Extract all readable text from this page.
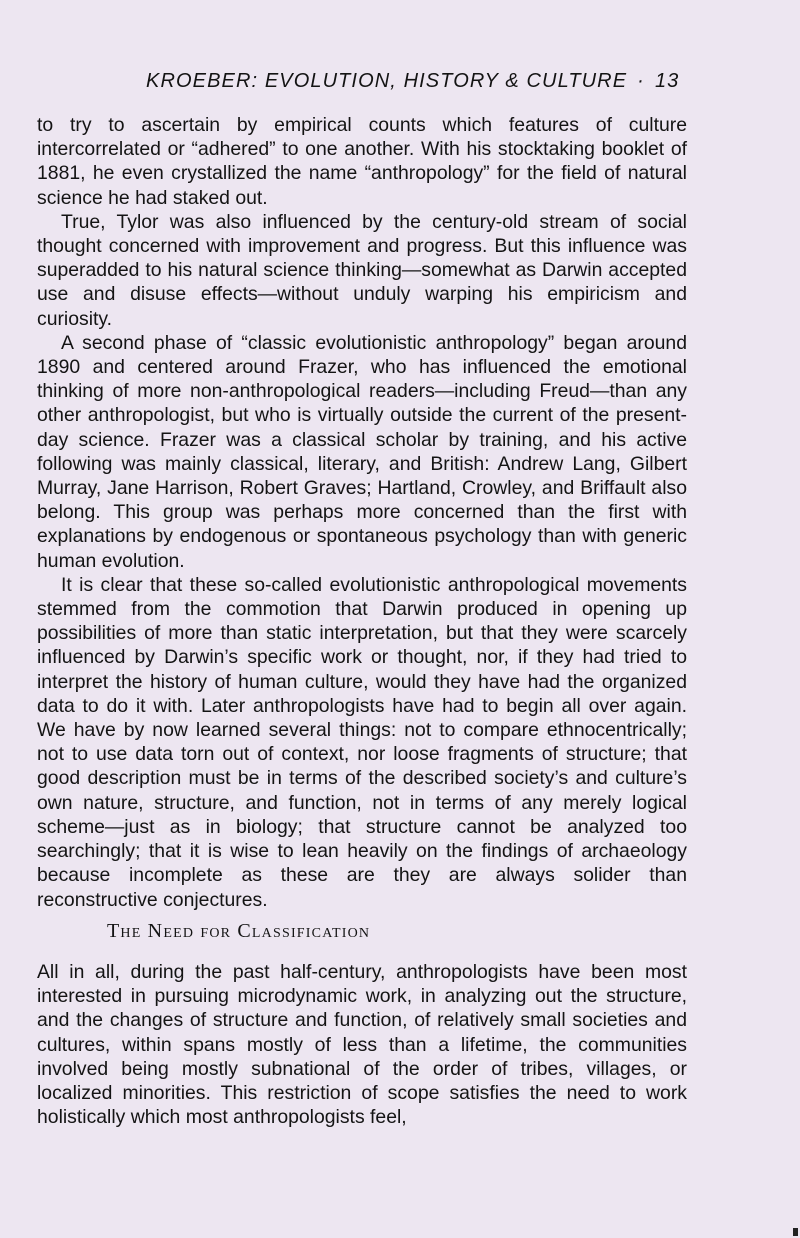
KROEBER: EVOLUTION, HISTORY & CULTURE · 13

to try to ascertain by empirical counts which features of culture intercorrelated or “adhered” to one another. With his stocktaking booklet of 1881, he even crystallized the name “anthropology” for the field of natural science he had staked out.

True, Tylor was also influenced by the century-old stream of social thought concerned with improvement and progress. But this influence was superadded to his natural science thinking—somewhat as Darwin accepted use and disuse effects—without unduly warping his empiricism and curiosity.

A second phase of “classic evolutionistic anthropology” began around 1890 and centered around Frazer, who has influenced the emotional thinking of more non-anthropological readers—including Freud—than any other anthropologist, but who is virtually outside the current of the present-day science. Frazer was a classical scholar by training, and his active following was mainly classical, literary, and British: Andrew Lang, Gilbert Murray, Jane Harrison, Robert Graves; Hartland, Crowley, and Briffault also belong. This group was perhaps more concerned than the first with explanations by endogenous or spontaneous psychology than with generic human evolution.

It is clear that these so-called evolutionistic anthropological movements stemmed from the commotion that Darwin produced in opening up possibilities of more than static interpretation, but that they were scarcely influenced by Darwin’s specific work or thought, nor, if they had tried to interpret the history of human culture, would they have had the organized data to do it with. Later anthropologists have had to begin all over again. We have by now learned several things: not to compare ethnocentrically; not to use data torn out of context, nor loose fragments of structure; that good description must be in terms of the described society’s and culture’s own nature, structure, and function, not in terms of any merely logical scheme—just as in biology; that structure cannot be analyzed too searchingly; that it is wise to lean heavily on the findings of archaeology because incomplete as these are they are always solider than reconstructive conjectures.

The Need for Classification

All in all, during the past half-century, anthropologists have been most interested in pursuing microdynamic work, in analyzing out the structure, and the changes of structure and function, of relatively small societies and cultures, within spans mostly of less than a lifetime, the communities involved being mostly subnational of the order of tribes, villages, or localized minorities. This restriction of scope satisfies the need to work holistically which most anthropologists feel,
